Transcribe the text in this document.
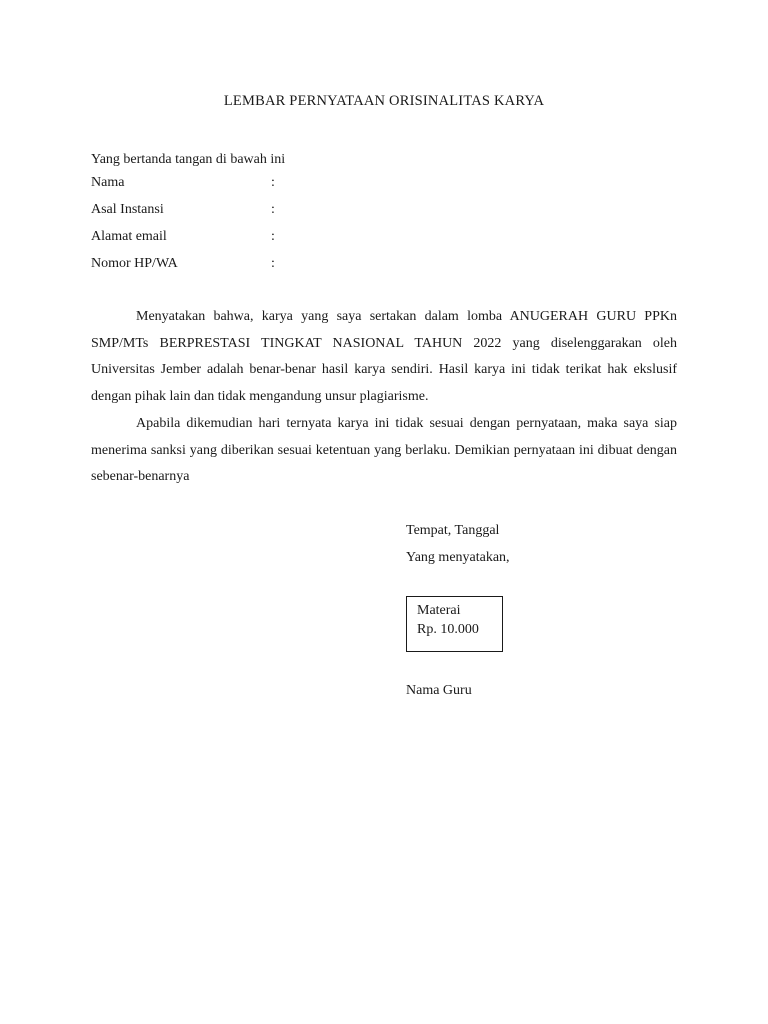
LEMBAR PERNYATAAN ORISINALITAS KARYA
Yang bertanda tangan di bawah ini
Nama	:
Asal Instansi	:
Alamat email	:
Nomor HP/WA	:

Menyatakan bahwa, karya yang saya sertakan dalam lomba ANUGERAH GURU PPKn SMP/MTs BERPRESTASI TINGKAT NASIONAL TAHUN 2022 yang diselenggarakan oleh Universitas Jember adalah benar-benar hasil karya sendiri. Hasil karya ini tidak terikat hak ekslusif dengan pihak lain dan tidak mengandung unsur plagiarisme.

Apabila dikemudian hari ternyata karya ini tidak sesuai dengan pernyataan, maka saya siap menerima sanksi yang diberikan sesuai ketentuan yang berlaku. Demikian pernyataan ini dibuat dengan sebenar-benarnya

Tempat, Tanggal
Yang menyatakan,
Materai
Rp. 10.000
Nama Guru
